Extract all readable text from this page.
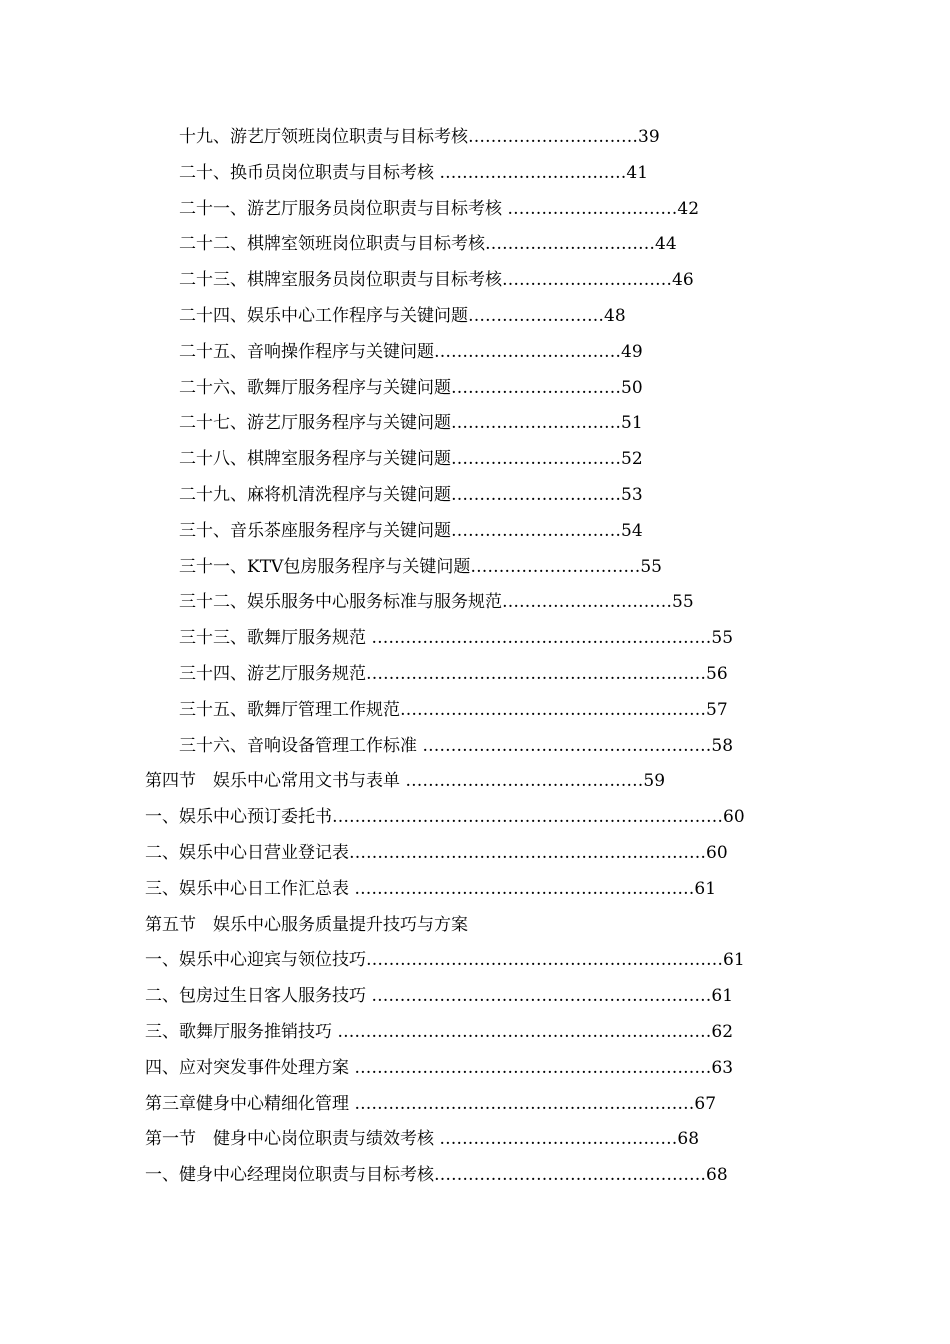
十九、游艺厅领班岗位职责与目标考核…………………………39
二十、换币员岗位职责与目标考核 ……………………………41
二十一、游艺厅服务员岗位职责与目标考核 …………………………42
二十二、棋牌室领班岗位职责与目标考核…………………………44
二十三、棋牌室服务员岗位职责与目标考核…………………………46
二十四、娱乐中心工作程序与关键问题……………………48
二十五、音响操作程序与关键问题……………………………49
二十六、歌舞厅服务程序与关键问题…………………………50
二十七、游艺厅服务程序与关键问题…………………………51
二十八、棋牌室服务程序与关键问题…………………………52
二十九、麻将机清洗程序与关键问题…………………………53
三十、音乐茶座服务程序与关键问题…………………………54
三十一、KTV包房服务程序与关键问题…………………………55
三十二、娱乐服务中心服务标准与服务规范…………………………55
三十三、歌舞厅服务规范 ……………………………………………………55
三十四、游艺厅服务规范……………………………………………………56
三十五、歌舞厅管理工作规范………………………………………………57
三十六、音响设备管理工作标准 ……………………………………………58
第四节　娱乐中心常用文书与表单 ……………………………………59
一、娱乐中心预订委托书……………………………………………………………60
二、娱乐中心日营业登记表………………………………………………………60
三、娱乐中心日工作汇总表 ……………………………………………………61
第五节　娱乐中心服务质量提升技巧与方案
一、娱乐中心迎宾与领位技巧………………………………………………………61
二、包房过生日客人服务技巧 ……………………………………………………61
三、歌舞厅服务推销技巧 …………………………………………………………62
四、应对突发事件处理方案 ………………………………………………………63
第三章健身中心精细化管理 ……………………………………………………67
第一节　健身中心岗位职责与绩效考核 ……………………………………68
一、健身中心经理岗位职责与目标考核…………………………………………68
